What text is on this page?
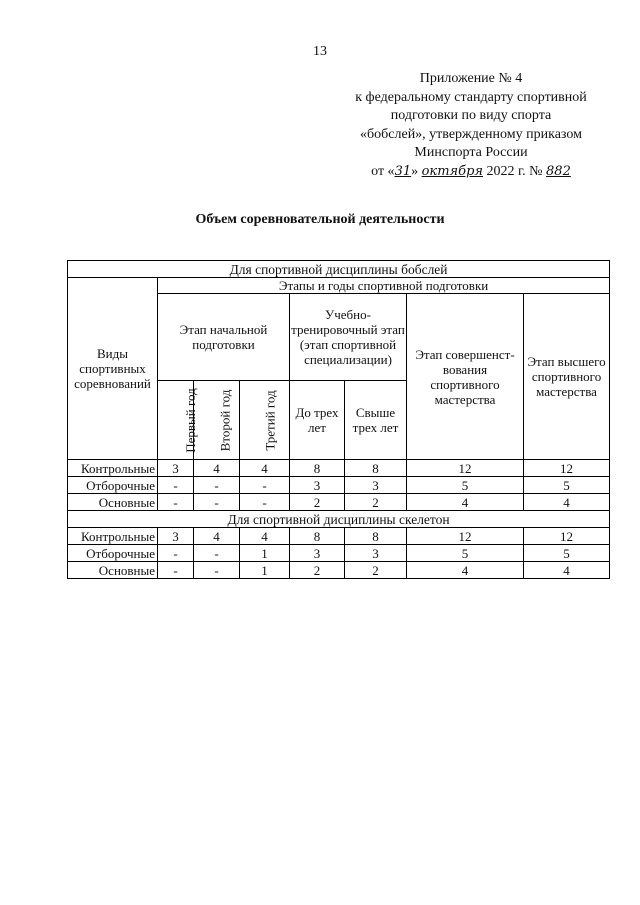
13
Приложение № 4
к федеральному стандарту спортивной
подготовки по виду спорта
«бобслей», утвержденному приказом
Минспорта России
от «31» октября 2022 г. № 882
Объем соревновательной деятельности
Для спортивной дисциплины бобслей							
Виды спортивных соревнований	Этапы и годы спортивной подготовки						
	Этап начальной подготовки			Учебно-тренировочный этап (этап спортивной специализации)		Этап совершенст-вования спортивного мастерства	Этап высшего спортивного мастерства
	Первый год	Второй год	Третий год	До трех лет	Свыше трех лет		
Контрольные	3	4	4	8	8	12	12
Отборочные	-	-	-	3	3	5	5
Основные	-	-	-	2	2	4	4
Для спортивной дисциплины скелетон							
Контрольные	3	4	4	8	8	12	12
Отборочные	-	-	1	3	3	5	5
Основные	-	-	1	2	2	4	4
